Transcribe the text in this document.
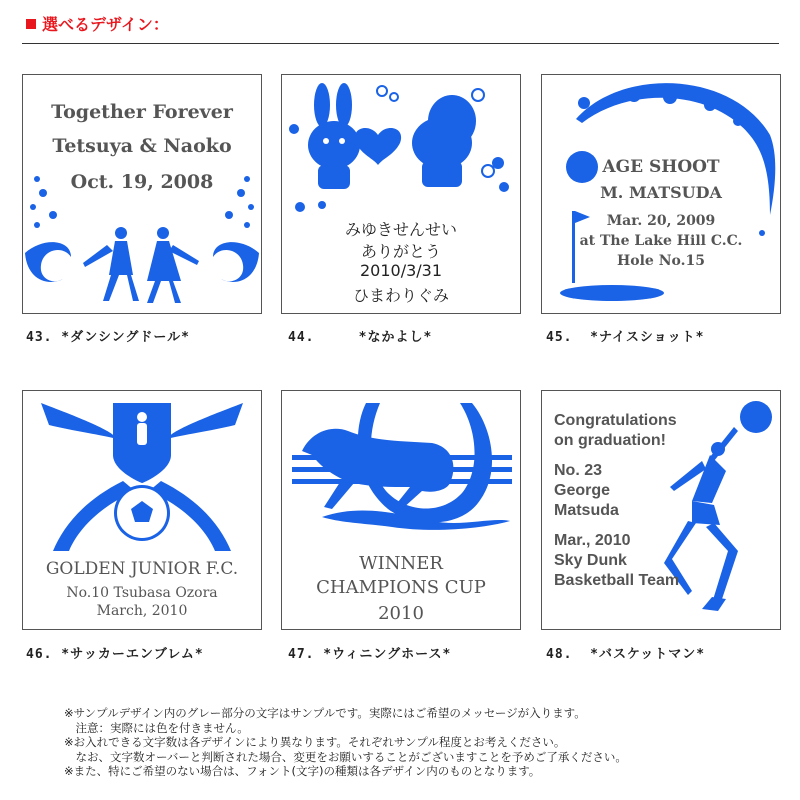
選べるデザイン：
Together Forever
Tetsuya & Naoko
Oct. 19, 2008
43. *ダンシングドール*
みゆきせんせい
ありがとう
2010/3/31
ひまわりぐみ
44.     *なかよし*
AGE SHOOT
M. MATSUDA
Mar. 20, 2009
at The Lake Hill C.C.
Hole No.15
45.  *ナイスショット*
GOLDEN JUNIOR F.C.
No.10 Tsubasa Ozora
March, 2010
46. *サッカーエンブレム*
WINNER
CHAMPIONS CUP
2010
47. *ウィニングホース*
Congratulations
on graduation!
No. 23
George
Matsuda
Mar., 2010
Sky Dunk
Basketball Team
48.  *バスケットマン*
※サンプルデザイン内のグレー部分の文字はサンプルです。実際にはご希望のメッセージが入ります。
　注意：実際には色を付きません。
※お入れできる文字数は各デザインにより異なります。それぞれサンプル程度とお考えください。
　なお、文字数オーバーと判断された場合、変更をお願いすることがございますことを予めご了承ください。
※また、特にご希望のない場合は、フォント(文字)の種類は各デザイン内のものとなります。
